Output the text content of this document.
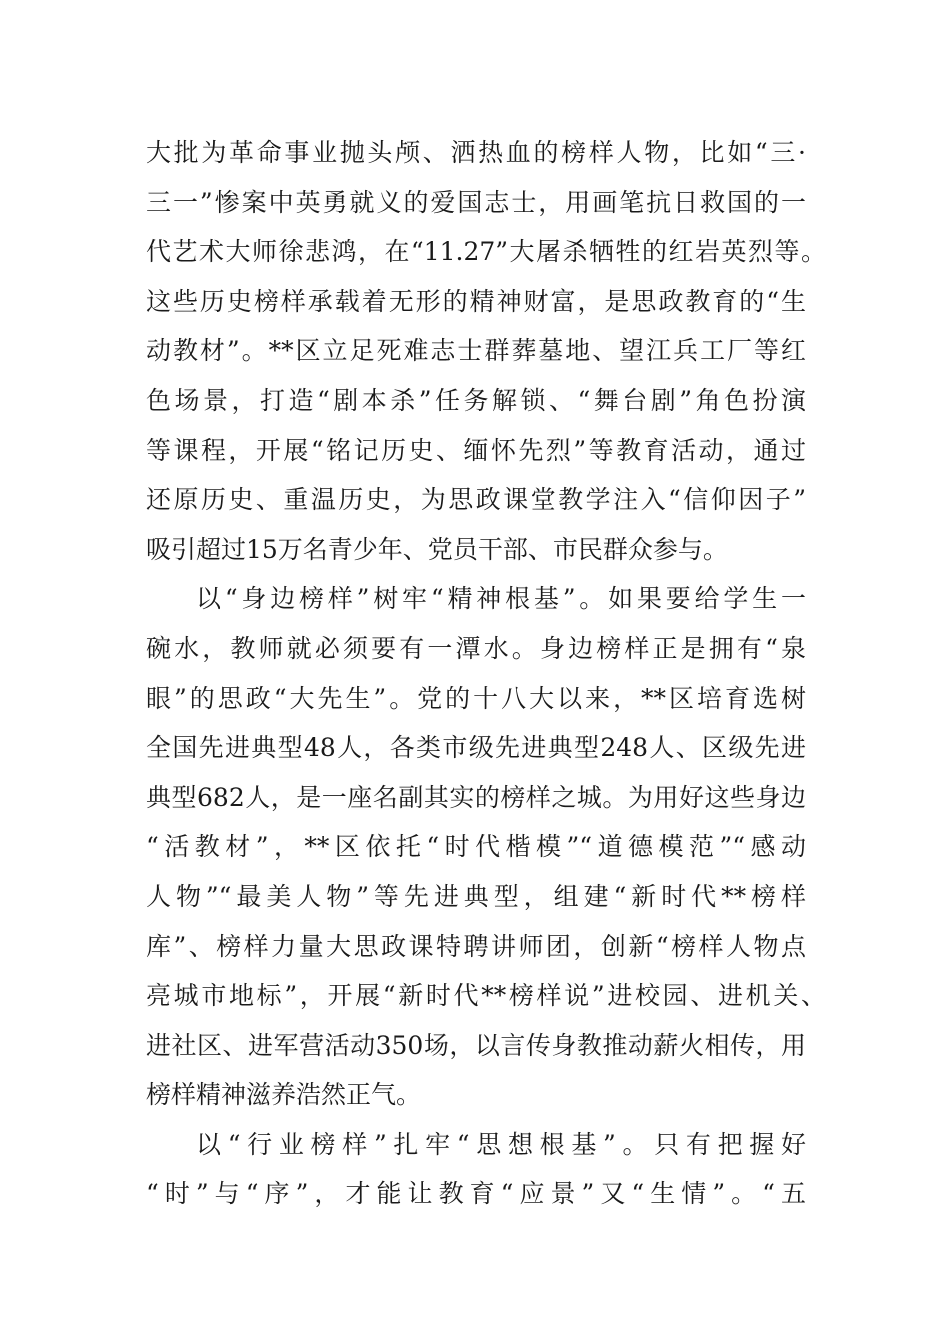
大批为革命事业抛头颅、洒热血的榜样人物，比如“三·
三一”惨案中英勇就义的爱国志士，用画笔抗日救国的一
代艺术大师徐悲鸿，在“11.27”大屠杀牺牲的红岩英烈等。
这些历史榜样承载着无形的精神财富，是思政教育的“生
动教材”。**区立足死难志士群葬墓地、望江兵工厂等红
色场景，打造“剧本杀”任务解锁、“舞台剧”角色扮演
等课程，开展“铭记历史、缅怀先烈”等教育活动，通过
还原历史、重温历史，为思政课堂教学注入“信仰因子”
吸引超过15万名青少年、党员干部、市民群众参与。
以“身边榜样”树牢“精神根基”。如果要给学生一
碗水，教师就必须要有一潭水。身边榜样正是拥有“泉
眼”的思政“大先生”。党的十八大以来，**区培育选树
全国先进典型48人，各类市级先进典型248人、区级先进
典型682人，是一座名副其实的榜样之城。为用好这些身边
“活教材”，**区依托“时代楷模”“道德模范”“感动
人物”“最美人物”等先进典型，组建“新时代**榜样
库”、榜样力量大思政课特聘讲师团，创新“榜样人物点
亮城市地标”，开展“新时代**榜样说”进校园、进机关、
进社区、进军营活动350场，以言传身教推动薪火相传，用
榜样精神滋养浩然正气。
以“行业榜样”扎牢“思想根基”。只有把握好
“时”与“序”，才能让教育“应景”又“生情”。“五
